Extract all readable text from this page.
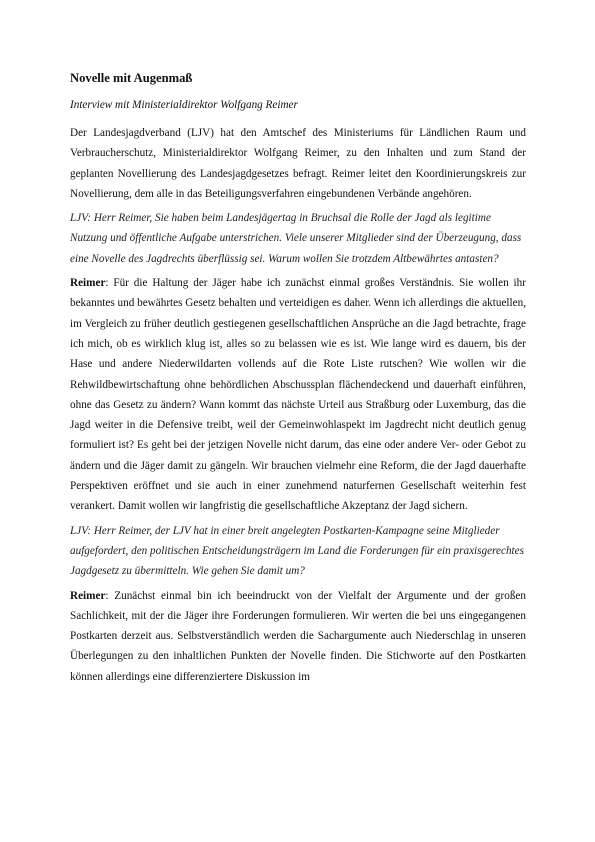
Novelle mit Augenmaß

Interview mit Ministerialdirektor Wolfgang Reimer

Der Landesjagdverband (LJV) hat den Amtschef des Ministeriums für Ländlichen Raum und Verbraucherschutz, Ministerialdirektor Wolfgang Reimer, zu den Inhalten und zum Stand der geplanten Novellierung des Landesjagdgesetzes befragt. Reimer leitet den Koordinierungskreis zur Novellierung, dem alle in das Beteiligungsverfahren eingebundenen Verbände angehören.

LJV: Herr Reimer, Sie haben beim Landesjägertag in Bruchsal die Rolle der Jagd als legitime Nutzung und öffentliche Aufgabe unterstrichen. Viele unserer Mitglieder sind der Überzeugung, dass eine Novelle des Jagdrechts überflüssig sei. Warum wollen Sie trotzdem Altbewährtes antasten?

Reimer: Für die Haltung der Jäger habe ich zunächst einmal großes Verständnis. Sie wollen ihr bekanntes und bewährtes Gesetz behalten und verteidigen es daher. Wenn ich allerdings die aktuellen, im Vergleich zu früher deutlich gestiegenen gesellschaftlichen Ansprüche an die Jagd betrachte, frage ich mich, ob es wirklich klug ist, alles so zu belassen wie es ist. Wie lange wird es dauern, bis der Hase und andere Niederwildarten vollends auf die Rote Liste rutschen? Wie wollen wir die Rehwildbewirtschaftung ohne behördlichen Abschussplan flächendeckend und dauerhaft einführen, ohne das Gesetz zu ändern? Wann kommt das nächste Urteil aus Straßburg oder Luxemburg, das die Jagd weiter in die Defensive treibt, weil der Gemeinwohlaspekt im Jagdrecht nicht deutlich genug formuliert ist? Es geht bei der jetzigen Novelle nicht darum, das eine oder andere Ver- oder Gebot zu ändern und die Jäger damit zu gängeln. Wir brauchen vielmehr eine Reform, die der Jagd dauerhafte Perspektiven eröffnet und sie auch in einer zunehmend naturfernen Gesellschaft weiterhin fest verankert. Damit wollen wir langfristig die gesellschaftliche Akzeptanz der Jagd sichern.

LJV: Herr Reimer, der LJV hat in einer breit angelegten Postkarten-Kampagne seine Mitglieder aufgefordert, den politischen Entscheidungsträgern im Land die Forderungen für ein praxisgerechtes Jagdgesetz zu übermitteln. Wie gehen Sie damit um?

Reimer: Zunächst einmal bin ich beeindruckt von der Vielfalt der Argumente und der großen Sachlichkeit, mit der die Jäger ihre Forderungen formulieren. Wir werten die bei uns eingegangenen Postkarten derzeit aus. Selbstverständlich werden die Sachargumente auch Niederschlag in unseren Überlegungen zu den inhaltlichen Punkten der Novelle finden. Die Stichworte auf den Postkarten können allerdings eine differenziertere Diskussion im
